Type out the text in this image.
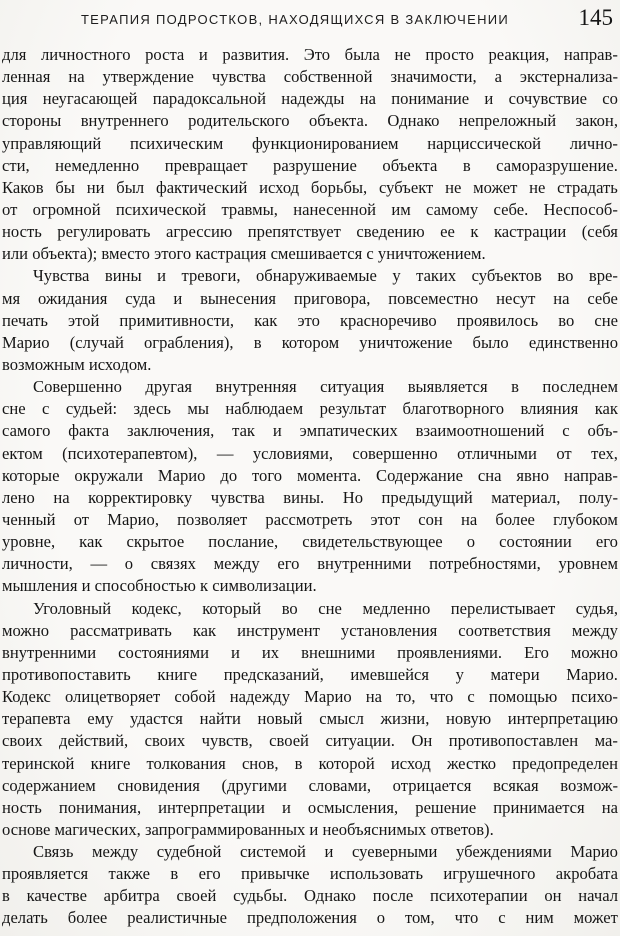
ТЕРАПИЯ ПОДРОСТКОВ, НАХОДЯЩИХСЯ В ЗАКЛЮЧЕНИИ	145
для личностного роста и развития. Это была не просто реакция, направ-
ленная на утверждение чувства собственной значимости, а экстернализа-
ция неугасающей парадоксальной надежды на понимание и сочувствие со
стороны внутреннего родительского объекта. Однако непреложный закон,
управляющий психическим функционированием нарциссической лично-
сти, немедленно превращает разрушение объекта в саморазрушение.
Каков бы ни был фактический исход борьбы, субъект не может не страдать
от огромной психической травмы, нанесенной им самому себе. Неспособ-
ность регулировать агрессию препятствует сведению ее к кастрации (себя
или объекта); вместо этого кастрация смешивается с уничтожением.
Чувства вины и тревоги, обнаруживаемые у таких субъектов во вре-
мя ожидания суда и вынесения приговора, повсеместно несут на себе
печать этой примитивности, как это красноречиво проявилось во сне
Марио (случай ограбления), в котором уничтожение было единственно
возможным исходом.
Совершенно другая внутренняя ситуация выявляется в последнем
сне с судьей: здесь мы наблюдаем результат благотворного влияния как
самого факта заключения, так и эмпатических взаимоотношений с объ-
ектом (психотерапевтом), — условиями, совершенно отличными от тех,
которые окружали Марио до того момента. Содержание сна явно направ-
лено на корректировку чувства вины. Но предыдущий материал, полу-
ченный от Марио, позволяет рассмотреть этот сон на более глубоком
уровне, как скрытое послание, свидетельствующее о состоянии его
личности, — о связях между его внутренними потребностями, уровнем
мышления и способностью к символизации.
Уголовный кодекс, который во сне медленно перелистывает судья,
можно рассматривать как инструмент установления соответствия между
внутренними состояниями и их внешними проявлениями. Его можно
противопоставить книге предсказаний, имевшейся у матери Марио.
Кодекс олицетворяет собой надежду Марио на то, что с помощью психо-
терапевта ему удастся найти новый смысл жизни, новую интерпретацию
своих действий, своих чувств, своей ситуации. Он противопоставлен ма-
теринской книге толкования снов, в которой исход жестко предопределен
содержанием сновидения (другими словами, отрицается всякая возмож-
ность понимания, интерпретации и осмысления, решение принимается на
основе магических, запрограммированных и необъяснимых ответов).
Связь между судебной системой и суеверными убеждениями Марио
проявляется также в его привычке использовать игрушечного акробата
в качестве арбитра своей судьбы. Однако после психотерапии он начал
делать более реалистичные предположения о том, что с ним может
